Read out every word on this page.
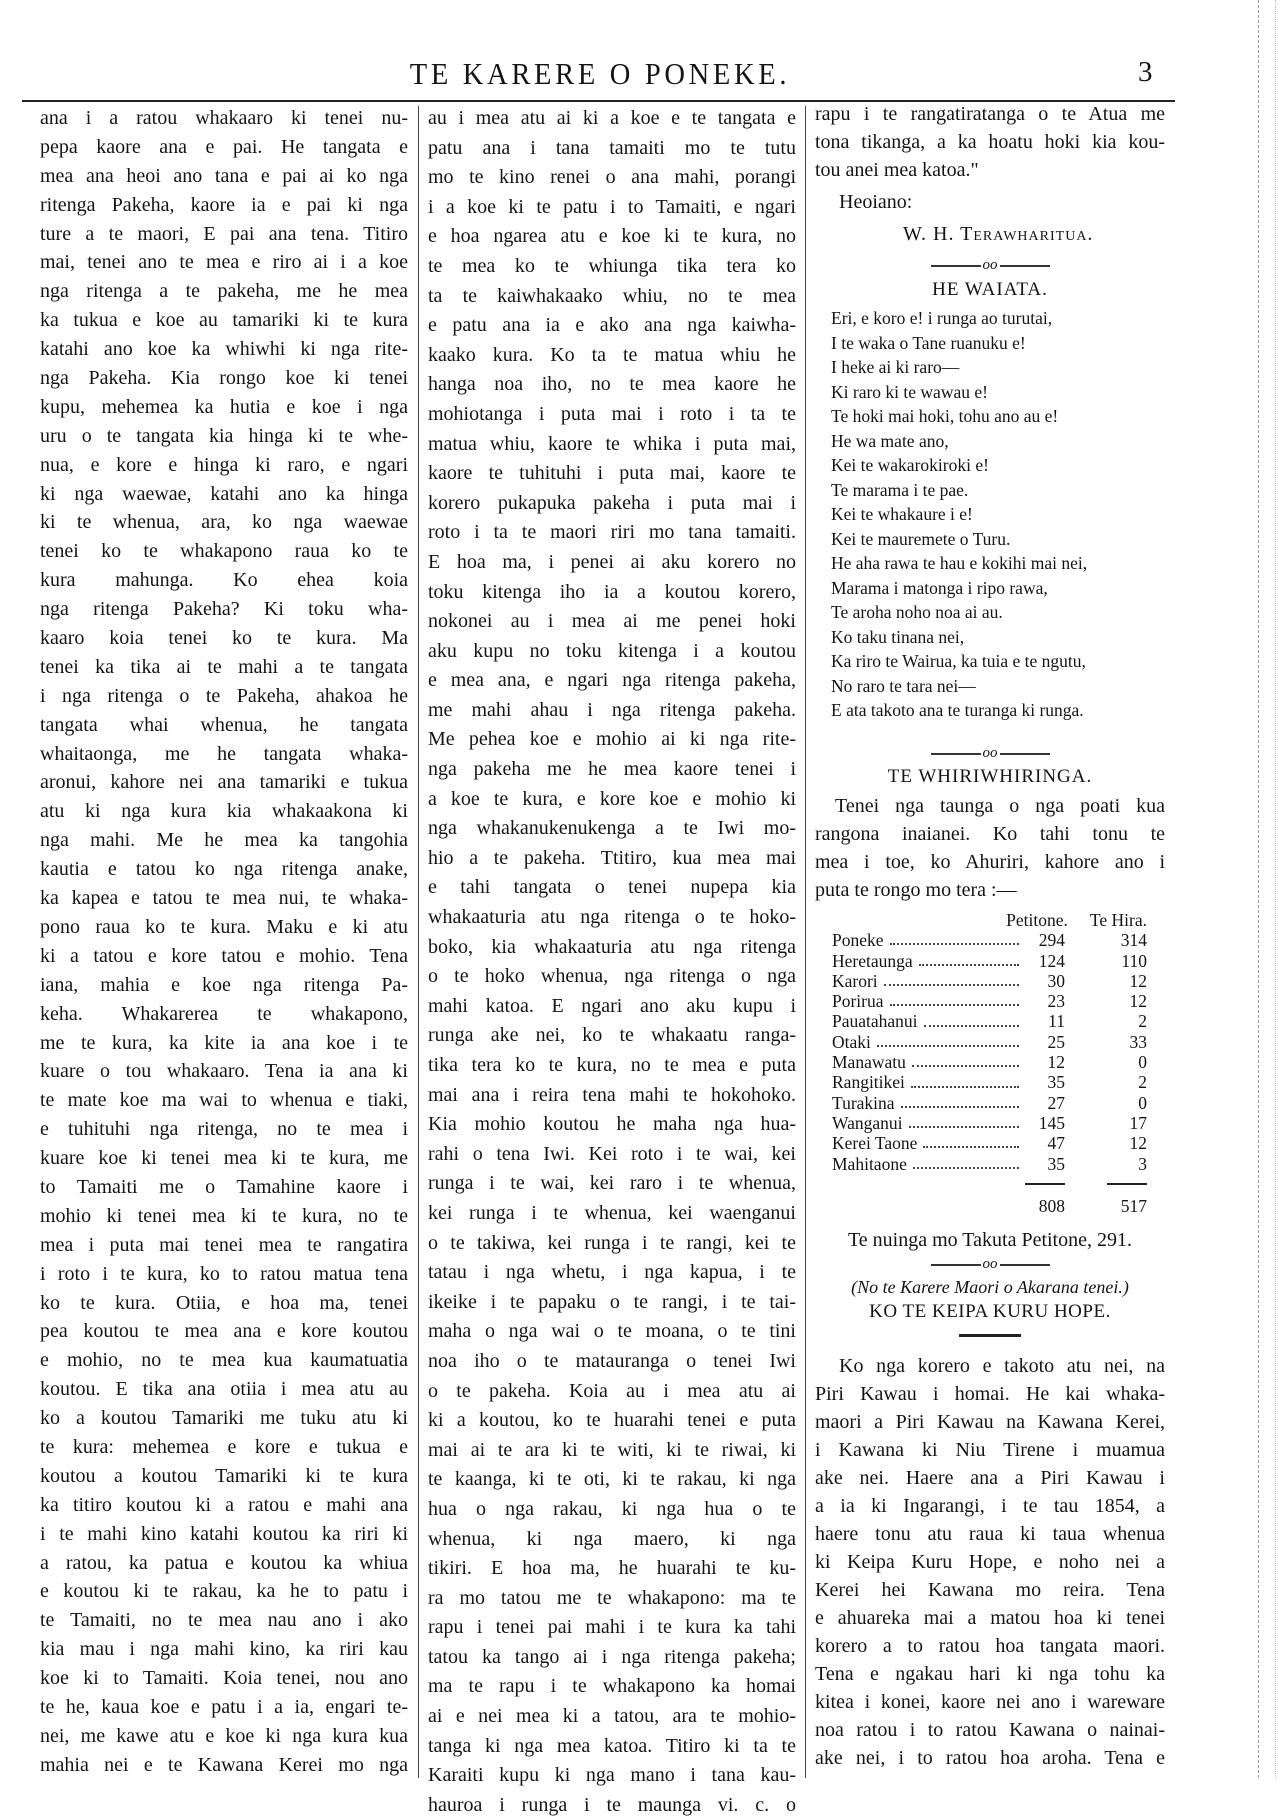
TE KARERE O PONEKE.	3
ana i a ratou whakaaro ki tenei nu-
pepa kaore ana e pai. He tangata e
mea ana heoi ano tana e pai ai ko nga
ritenga Pakeha, kaore ia e pai ki nga
ture a te maori, E pai ana tena. Titiro
mai, tenei ano te mea e riro ai i a koe
nga ritenga a te pakeha, me he mea
ka tukua e koe au tamariki ki te kura
katahi ano koe ka whiwhi ki nga rite-
nga Pakeha. Kia rongo koe ki tenei
kupu, mehemea ka hutia e koe i nga
uru o te tangata kia hinga ki te whe-
nua, e kore e hinga ki raro, e ngari
ki nga waewae, katahi ano ka hinga
ki te whenua, ara, ko nga waewae
tenei ko te whakapono raua ko te
kura mahunga. Ko ehea koia
nga ritenga Pakeha? Ki toku wha-
kaaro koia tenei ko te kura. Ma
tenei ka tika ai te mahi a te tangata
i nga ritenga o te Pakeha, ahakoa he
tangata whai whenua, he tangata
whaitaonga, me he tangata whaka-
aronui, kahore nei ana tamariki e tukua
atu ki nga kura kia whakaakona ki
nga mahi. Me he mea ka tangohia
kautia e tatou ko nga ritenga anake,
ka kapea e tatou te mea nui, te whaka-
pono raua ko te kura. Maku e ki atu
ki a tatou e kore tatou e mohio. Tena
iana, mahia e koe nga ritenga Pa-
keha. Whakarerea te whakapono,
me te kura, ka kite ia ana koe i te
kuare o tou whakaaro. Tena ia ana ki
te mate koe ma wai to whenua e tiaki,
e tuhituhi nga ritenga, no te mea i
kuare koe ki tenei mea ki te kura, me
to Tamaiti me o Tamahine kaore i
mohio ki tenei mea ki te kura, no te
mea i puta mai tenei mea te rangatira
i roto i te kura, ko to ratou matua tena
ko te kura. Otiia, e hoa ma, tenei
pea koutou te mea ana e kore koutou
e mohio, no te mea kua kaumatuatia
koutou. E tika ana otiia i mea atu au
ko a koutou Tamariki me tuku atu ki
te kura: mehemea e kore e tukua e
koutou a koutou Tamariki ki te kura
ka titiro koutou ki a ratou e mahi ana
i te mahi kino katahi koutou ka riri ki
a ratou, ka patua e koutou ka whiua
e koutou ki te rakau, ka he to patu i
te Tamaiti, no te mea nau ano i ako
kia mau i nga mahi kino, ka riri kau
koe ki to Tamaiti. Koia tenei, nou ano
te he, kaua koe e patu i a ia, engari te-
nei, me kawe atu e koe ki nga kura kua
mahia nei e te Kawana Kerei mo nga
au i mea atu ai ki a koe e te tangata e
patu ana i tana tamaiti mo te tutu
mo te kino renei o ana mahi, porangi
i a koe ki te patu i to Tamaiti, e ngari
e hoa ngarea atu e koe ki te kura, no
te mea ko te whiunga tika tera ko
ta te kaiwhakaako whiu, no te mea
e patu ana ia e ako ana nga kaiwha-
kaako kura. Ko ta te matua whiu he
hanga noa iho, no te mea kaore he
mohiotanga i puta mai i roto i ta te
matua whiu, kaore te whika i puta mai,
kaore te tuhituhi i puta mai, kaore te
korero pukapuka pakeha i puta mai i
roto i ta te maori riri mo tana tamaiti.
E hoa ma, i penei ai aku korero no
toku kitenga iho ia a koutou korero,
nokonei au i mea ai me penei hoki
aku kupu no toku kitenga i a koutou
e mea ana, e ngari nga ritenga pakeha,
me mahi ahau i nga ritenga pakeha.
Me pehea koe e mohio ai ki nga rite-
nga pakeha me he mea kaore tenei i
a koe te kura, e kore koe e mohio ki
nga whakanukenukenga a te Iwi mo-
hio a te pakeha. Ttitiro, kua mea mai
e tahi tangata o tenei nupepa kia
whakaaturia atu nga ritenga o te hoko-
boko, kia whakaaturia atu nga ritenga
o te hoko whenua, nga ritenga o nga
mahi katoa. E ngari ano aku kupu i
runga ake nei, ko te whakaatu ranga-
tika tera ko te kura, no te mea e puta
mai ana i reira tena mahi te hokohoko.
Kia mohio koutou he maha nga hua-
rahi o tena Iwi. Kei roto i te wai, kei
runga i te wai, kei raro i te whenua,
kei runga i te whenua, kei waenganui
o te takiwa, kei runga i te rangi, kei te
tatau i nga whetu, i nga kapua, i te
ikeike i te papaku o te rangi, i te tai-
maha o nga wai o te moana, o te tini
noa iho o te matauranga o tenei Iwi
o te pakeha. Koia au i mea atu ai
ki a koutou, ko te huarahi tenei e puta
mai ai te ara ki te witi, ki te riwai, ki
te kaanga, ki te oti, ki te rakau, ki nga
hua o nga rakau, ki nga hua o te
whenua, ki nga maero, ki nga
tikiri. E hoa ma, he huarahi te ku-
ra mo tatou me te whakapono: ma te
rapu i tenei pai mahi i te kura ka tahi
tatou ka tango ai i nga ritenga pakeha;
ma te rapu i te whakapono ka homai
ai e nei mea ki a tatou, ara te mohio-
tanga ki nga mea katoa. Titiro ki ta te
Karaiti kupu ki nga mano i tana kau-
hauroa i runga i te maunga vi. c. o
rapu i te rangatiratanga o te Atua me
tona tikanga, a ka hoatu hoki kia kou-
tou anei mea katoa."
Heoiano:
W. H. Terawharitua.
oo
HE WAIATA.
Eri, e koro e! i runga ao turutai,
I te waka o Tane ruanuku e!
I heke ai ki raro—
Ki raro ki te wawau e!
Te hoki mai hoki, tohu ano au e!
He wa mate ano,
Kei te wakarokiroki e!
Te marama i te pae.
Kei te whakaure i e!
Kei te mauremete o Turu.
He aha rawa te hau e kokihi mai nei,
Marama i matonga i ripo rawa,
Te aroha noho noa ai au.
Ko taku tinana nei,
Ka riro te Wairua, ka tuia e te ngutu,
No raro te tara nei—
E ata takoto ana te turanga ki runga.
oo
TE WHIRIWHIRINGA.
Tenei nga taunga o nga poati kua
rangona inaianei. Ko tahi tonu te
mea i toe, ko Ahuriri, kahore ano i
puta te rongo mo tera :—
Petitone. Te Hira.
Poneke	294	314
Heretaunga	124	110
Karori	30	12
Porirua	23	12
Pauatahanui	11	2
Otaki	25	33
Manawatu	12	0
Rangitikei	35	2
Turakina	27	0
Wanganui	145	17
Kerei Taone	47	12
Mahitaone	35	3
808	517
Te nuinga mo Takuta Petitone, 291.
oo
(No te Karere Maori o Akarana tenei.)
KO TE KEIPA KURU HOPE.
Ko nga korero e takoto atu nei, na
Piri Kawau i homai. He kai whaka-
maori a Piri Kawau na Kawana Kerei,
i Kawana ki Niu Tirene i muamua
ake nei. Haere ana a Piri Kawau i
a ia ki Ingarangi, i te tau 1854, a
haere tonu atu raua ki taua whenua
ki Keipa Kuru Hope, e noho nei a
Kerei hei Kawana mo reira. Tena
e ahuareka mai a matou hoa ki tenei
korero a to ratou hoa tangata maori.
Tena e ngakau hari ki nga tohu ka
kitea i konei, kaore nei ano i wareware
noa ratou i to ratou Kawana o nainai-
ake nei, i to ratou hoa aroha. Tena e
